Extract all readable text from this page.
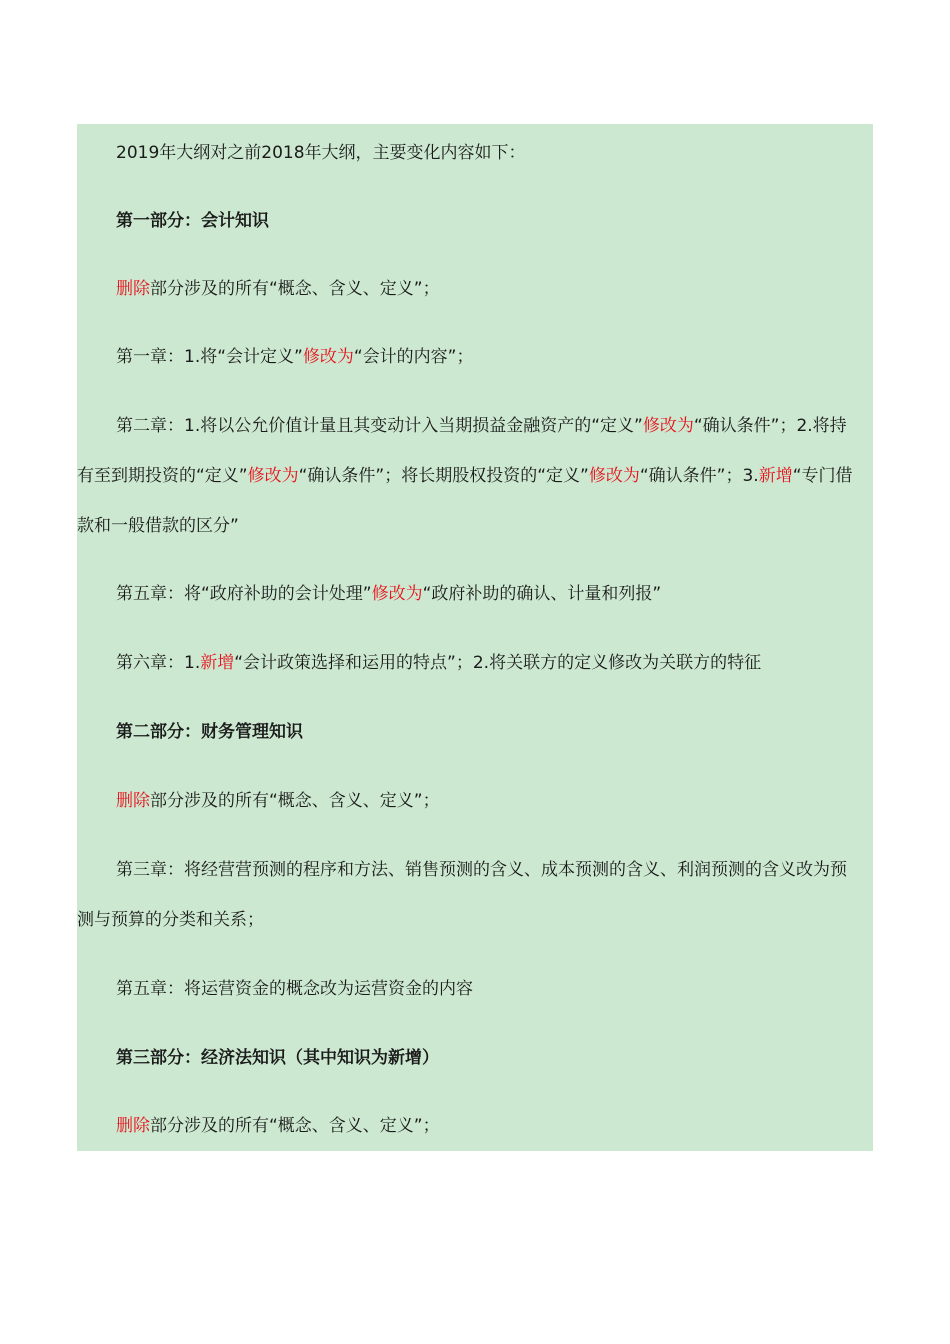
2019年大纲对之前2018年大纲，主要变化内容如下：

第一部分：会计知识

删除部分涉及的所有“概念、含义、定义”；

第一章：1.将“会计定义”修改为“会计的内容”；

第二章：1.将以公允价值计量且其变动计入当期损益金融资产的“定义”修改为“确认条件”；2.将持有至到期投资的“定义”修改为“确认条件”；将长期股权投资的“定义”修改为“确认条件”；3.新增“专门借款和一般借款的区分”

第五章：将“政府补助的会计处理”修改为“政府补助的确认、计量和列报”

第六章：1.新增“会计政策选择和运用的特点”；2.将关联方的定义修改为关联方的特征

第二部分：财务管理知识

删除部分涉及的所有“概念、含义、定义”；

第三章：将经营营预测的程序和方法、销售预测的含义、成本预测的含义、利润预测的含义改为预测与预算的分类和关系；

第五章：将运营资金的概念改为运营资金的内容

第三部分：经济法知识（其中知识为新增）

删除部分涉及的所有“概念、含义、定义”；
